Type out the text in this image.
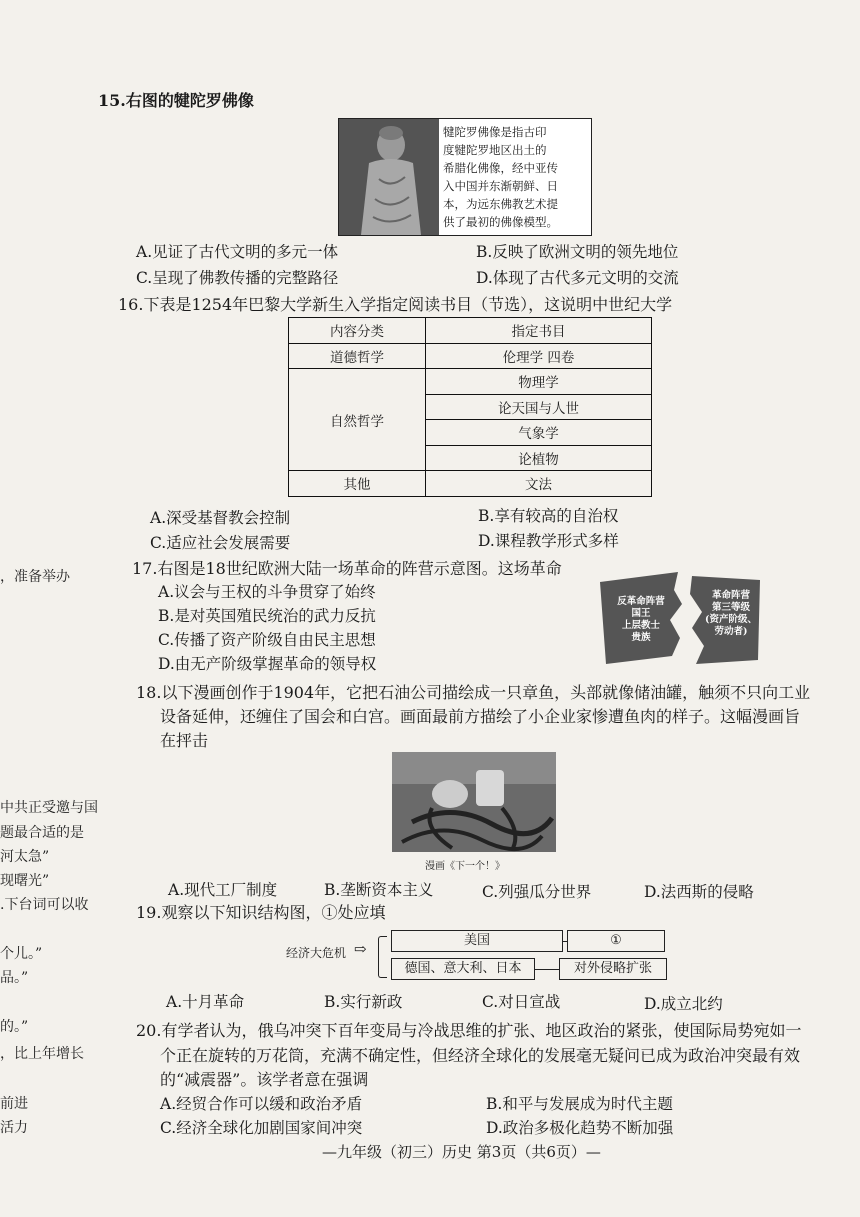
，准备举办
中共正受邀与国
题最合适的是
河太急”
现曙光”
.下台词可以收
个儿。”
品。”
的。”
，比上年增长
前进
活力
15.右图的犍陀罗佛像
犍陀罗佛像是指古印
度犍陀罗地区出土的
希腊化佛像，经中亚传
入中国并东渐朝鲜、日
本，为远东佛教艺术提
供了最初的佛像模型。
A.见证了古代文明的多元一体	B.反映了欧洲文明的领先地位
C.呈现了佛教传播的完整路径	D.体现了古代多元文明的交流
16.下表是1254年巴黎大学新生入学指定阅读书目（节选），这说明中世纪大学
内容分类	指定书目
道德哲学	伦理学 四卷
自然哲学	物理学
	论天国与人世
	气象学
	论植物
其他	文法
A.深受基督教会控制	B.享有较高的自治权
C.适应社会发展需要	D.课程教学形式多样
17.右图是18世纪欧洲大陆一场革命的阵营示意图。这场革命
A.议会与王权的斗争贯穿了始终
B.是对英国殖民统治的武力反抗
C.传播了资产阶级自由民主思想
D.由无产阶级掌握革命的领导权
反革命阵营
国王
上层教士
贵族
革命阵营
第三等级
(资产阶级、
劳动者)
18.以下漫画创作于1904年，它把石油公司描绘成一只章鱼，头部就像储油罐，触须不只向工业
设备延伸，还缠住了国会和白宫。画面最前方描绘了小企业家惨遭鱼肉的样子。这幅漫画旨
在抨击
漫画《下一个！》
A.现代工厂制度	B.垄断资本主义	C.列强瓜分世界	D.法西斯的侵略
19.观察以下知识结构图，①处应填
经济大危机 ⇨	美国	①
德国、意大利、日本	对外侵略扩张
A.十月革命	B.实行新政	C.对日宣战	D.成立北约
20.有学者认为，俄乌冲突下百年变局与冷战思维的扩张、地区政治的紧张，使国际局势宛如一
个正在旋转的万花筒，充满不确定性，但经济全球化的发展毫无疑问已成为政治冲突最有效
的“减震器”。该学者意在强调
A.经贸合作可以缓和政治矛盾	B.和平与发展成为时代主题
C.经济全球化加剧国家间冲突	D.政治多极化趋势不断加强
—九年级（初三）历史 第3页（共6页）—
